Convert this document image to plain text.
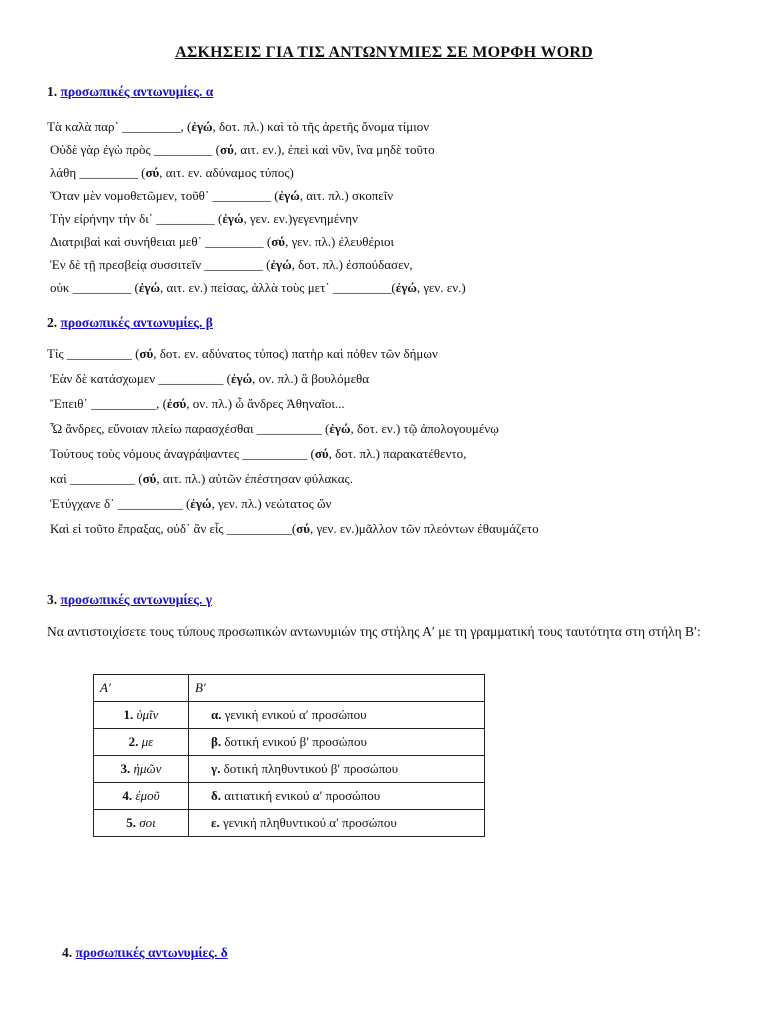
ΑΣΚΗΣΕΙΣ ΓΙΑ ΤΙΣ ΑΝΤΩΝΥΜΙΕΣ ΣΕ ΜΟΡΦΗ WORD
1. προσωπικές αντωνυμίες. α
Τὰ καλὰ παρ᾽ _________, (ἐγώ, δοτ. πλ.) καὶ τὸ τῆς ἀρετῆς ὄνομα τίμιον
Οὐδὲ γὰρ ἐγὼ πρὸς _________ (σύ, αιτ. εν.), ἐπεὶ καὶ νῦν, ἵνα μηδὲ τοῦτο
λάθη _________ (σύ, αιτ. εν. αδύναμος τύπος)
Ὅταν μὲν νομοθετῶμεν, τοῦθ᾽ _________ (ἐγώ, αιτ. πλ.) σκοπεῖν
Τὴν εἰρήνην τὴν δι᾽ _________ (ἐγώ, γεν. εν.)γεγενημένην
Διατριβαὶ καὶ συνήθειαι μεθ᾽ _________ (σύ, γεν. πλ.) ἐλευθέριοι
Ἐν δὲ τῇ πρεσβείᾳ συσσιτεῖν _________ (ἐγώ, δοτ. πλ.) ἐσπούδασεν,
οὐκ _________ (ἐγώ, αιτ. εν.) πείσας, ἀλλὰ τοὺς μετ᾽ _________(ἐγώ, γεν. εν.)
2. προσωπικές αντωνυμίες. β
Τίς __________ (σύ, δοτ. εν. αδύνατος τύπος) πατὴρ καὶ πόθεν τῶν δήμων
Ἐὰν δὲ κατάσχωμεν __________ (ἐγώ, ον. πλ.) ἃ βουλόμεθα
Ἔπειθ᾽ __________, (ἐσύ, ον. πλ.) ὦ ἄνδρες Ἀθηναῖοι...
Ὦ ἄνδρες, εὔνοιαν πλείω παρασχέσθαι __________ (ἐγώ, δοτ. εν.) τῷ ἀπολογουμένῳ
Τούτους τοὺς νόμους ἀναγράψαντες __________ (σύ, δοτ. πλ.) παρακατέθεντο,
καὶ __________ (σύ, αιτ. πλ.) αὐτῶν ἐπέστησαν φύλακας.
Ἐτύγχανε δ᾽ __________ (ἐγώ, γεν. πλ.) νεώτατος ὤν
Καὶ εἰ τοῦτο ἔπραξας, οὐδ᾽ ἂν εἷς __________(σύ, γεν. εν.)μᾶλλον τῶν πλεόντων ἐθαυμάζετο
3. προσωπικές αντωνυμίες. γ
Να αντιστοιχίσετε τους τύπους προσωπικών αντωνυμιών της στήλης Α′ με τη γραμματική τους ταυτότητα στη στήλη Β′:
Α′	Β′
1. ὑμῖν	α. γενική ενικού α′ προσώπου
2. με	β. δοτική ενικού β′ προσώπου
3. ἡμῶν	γ. δοτική πληθυντικού β′ προσώπου
4. ἐμοῦ	δ. αιτιατική ενικού α′ προσώπου
5. σοι	ε. γενική πληθυντικού α′ προσώπου
4. προσωπικές αντωνυμίες. δ
